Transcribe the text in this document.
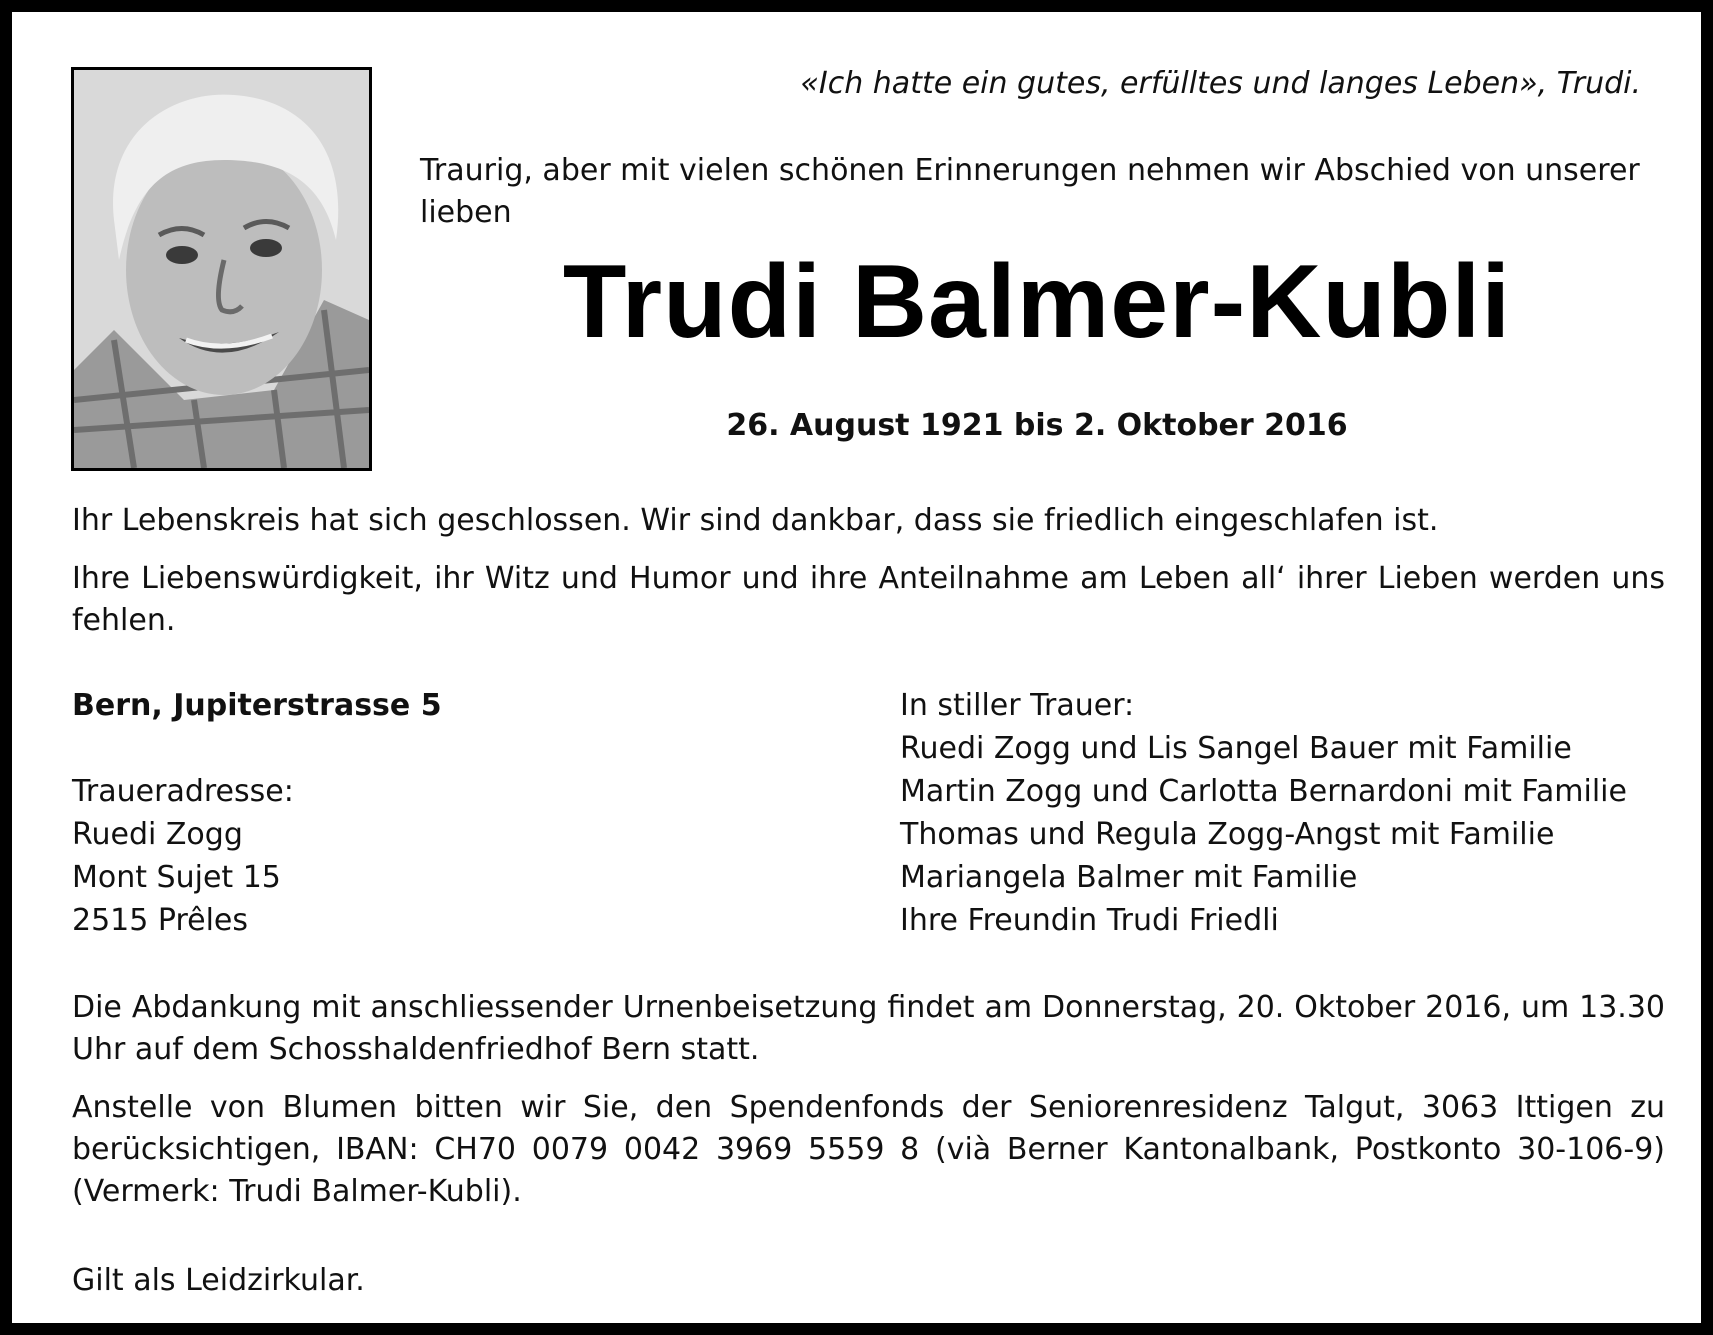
«Ich hatte ein gutes, erfülltes und langes Leben», Trudi.
Traurig, aber mit vielen schönen Erinnerungen nehmen wir Abschied von unserer lieben
Trudi Balmer-Kubli
26. August 1921 bis 2. Oktober 2016
Ihr Lebenskreis hat sich geschlossen. Wir sind dankbar, dass sie friedlich eingeschlafen ist.
Ihre Liebenswürdigkeit, ihr Witz und Humor und ihre Anteilnahme am Leben all‘ ihrer Lieben werden uns fehlen.
Bern, Jupiterstrasse 5
Traueradresse:
Ruedi Zogg
Mont Sujet 15
2515 Prêles
In stiller Trauer:
Ruedi Zogg und Lis Sangel Bauer mit Familie
Martin Zogg und Carlotta Bernardoni mit Familie
Thomas und Regula Zogg-Angst mit Familie
Mariangela Balmer mit Familie
Ihre Freundin Trudi Friedli
Die Abdankung mit anschliessender Urnenbeisetzung findet am Donnerstag, 20. Oktober 2016, um 13.30 Uhr auf dem Schosshaldenfriedhof Bern statt.
Anstelle von Blumen bitten wir Sie, den Spendenfonds der Seniorenresidenz Talgut, 3063 Ittigen zu berücksichtigen, IBAN: CH70 0079 0042 3969 5559 8 (vià Berner Kantonalbank, Postkonto 30-106-9) (Vermerk: Trudi Balmer-Kubli).
Gilt als Leidzirkular.
